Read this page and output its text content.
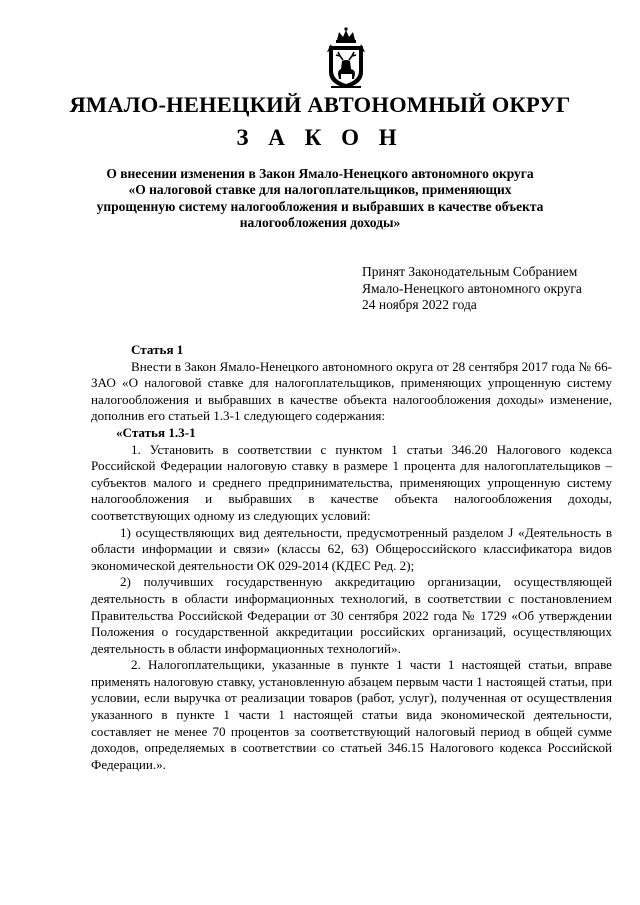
ЯМАЛО-НЕНЕЦКИЙ АВТОНОМНЫЙ ОКРУГ
З А К О Н
О внесении изменения в Закон Ямало-Ненецкого автономного округа
«О налоговой ставке для налогоплательщиков, применяющих
упрощенную систему налогообложения и выбравших в качестве объекта
налогообложения доходы»
Принят Законодательным Собранием
Ямало-Ненецкого автономного округа
24 ноября 2022 года

Статья 1

Внести в Закон Ямало-Ненецкого автономного округа от 28 сентября 2017 года № 66-ЗАО «О налоговой ставке для налогоплательщиков, применяющих упрощенную систему налогообложения и выбравших в качестве объекта налогообложения доходы» изменение, дополнив его статьей 1.3-1 следующего содержания:

«Статья 1.3-1

1. Установить в соответствии с пунктом 1 статьи 346.20 Налогового кодекса Российской Федерации налоговую ставку в размере 1 процента для налогоплательщиков – субъектов малого и среднего предпринимательства, применяющих упрощенную систему налогообложения и выбравших в качестве объекта налогообложения доходы, соответствующих одному из следующих условий:

1) осуществляющих вид деятельности, предусмотренный разделом J «Деятельность в области информации и связи» (классы 62, 63) Общероссийского классификатора видов экономической деятельности ОК 029-2014 (КДЕС Ред. 2);

2) получивших государственную аккредитацию организации, осуществляющей деятельность в области информационных технологий, в соответствии с постановлением Правительства Российской Федерации от 30 сентября 2022 года № 1729 «Об утверждении Положения о государственной аккредитации российских организаций, осуществляющих деятельность в области информационных технологий».

2. Налогоплательщики, указанные в пункте 1 части 1 настоящей статьи, вправе применять налоговую ставку, установленную абзацем первым части 1 настоящей статьи, при условии, если выручка от реализации товаров (работ, услуг), полученная от осуществления указанного в пункте 1 части 1 настоящей статьи вида экономической деятельности, составляет не менее 70 процентов за соответствующий налоговый период в общей сумме доходов, определяемых в соответствии со статьей 346.15 Налогового кодекса Российской Федерации.».
